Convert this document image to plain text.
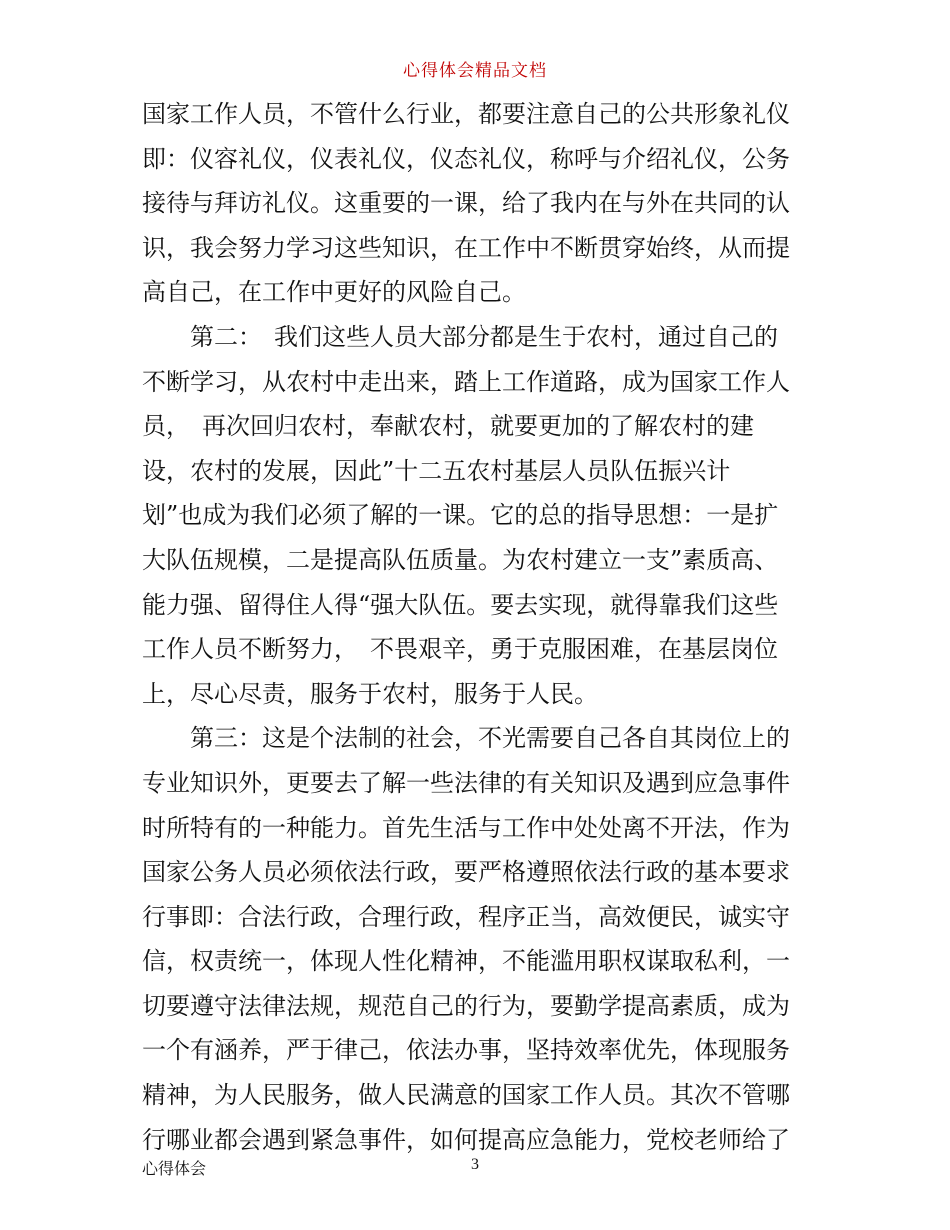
心得体会精品文档
国家工作人员，不管什么行业，都要注意自己的公共形象礼仪
即：仪容礼仪，仪表礼仪，仪态礼仪，称呼与介绍礼仪，公务
接待与拜访礼仪。这重要的一课，给了我内在与外在共同的认
识，我会努力学习这些知识，在工作中不断贯穿始终，从而提
高自己，在工作中更好的风险自己。
　　第二：　我们这些人员大部分都是生于农村，通过自己的
不断学习，从农村中走出来，踏上工作道路，成为国家工作人
员，　再次回归农村，奉献农村，就要更加的了解农村的建
设，农村的发展，因此”十二五农村基层人员队伍振兴计
划”也成为我们必须了解的一课。它的总的指导思想：一是扩
大队伍规模，二是提高队伍质量。为农村建立一支”素质高、
能力强、留得住人得“强大队伍。要去实现，就得靠我们这些
工作人员不断努力，　不畏艰辛，勇于克服困难，在基层岗位
上，尽心尽责，服务于农村，服务于人民。
　　第三：这是个法制的社会，不光需要自己各自其岗位上的
专业知识外，更要去了解一些法律的有关知识及遇到应急事件
时所特有的一种能力。首先生活与工作中处处离不开法，作为
国家公务人员必须依法行政，要严格遵照依法行政的基本要求
行事即：合法行政，合理行政，程序正当，高效便民，诚实守
信，权责统一，体现人性化精神，不能滥用职权谋取私利，一
切要遵守法律法规，规范自己的行为，要勤学提高素质，成为
一个有涵养，严于律己，依法办事，坚持效率优先，体现服务
精神，为人民服务，做人民满意的国家工作人员。其次不管哪
行哪业都会遇到紧急事件，如何提高应急能力，党校老师给了
心得体会	3
